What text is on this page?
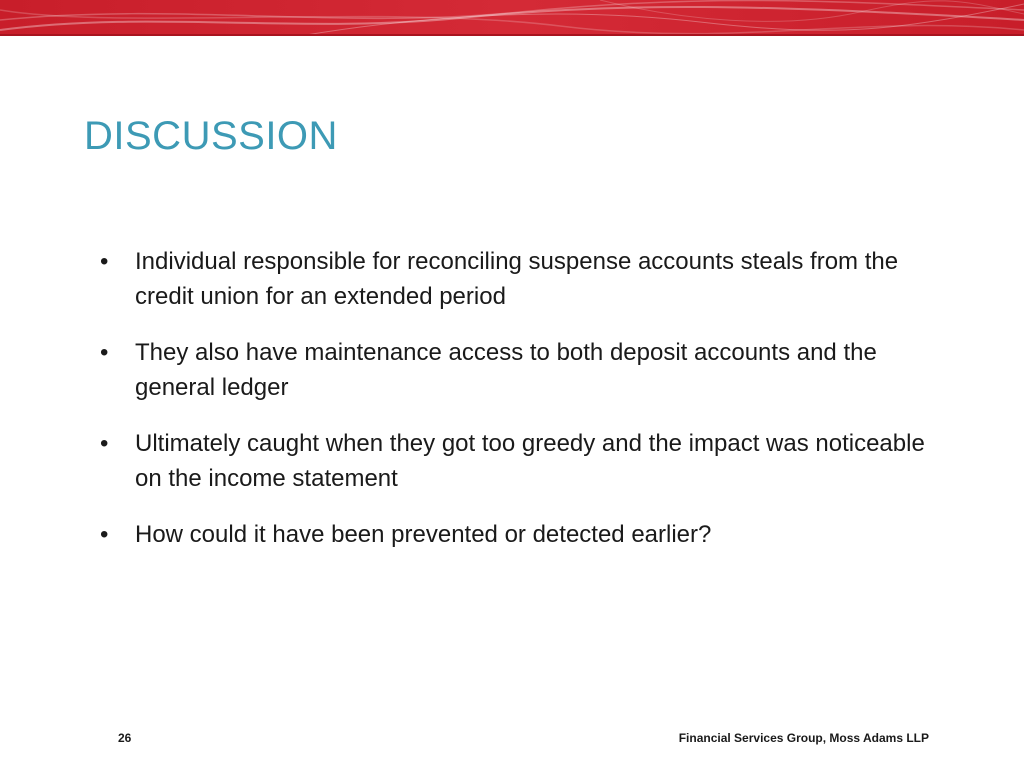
DISCUSSION
•	Individual responsible for reconciling suspense accounts steals from the credit union for an extended period
•	They also have maintenance access to both deposit accounts and the general ledger
•	Ultimately caught when they got too greedy and the impact was noticeable on the income statement
•	How could it have been prevented or detected earlier?
26	Financial Services Group, Moss Adams LLP
